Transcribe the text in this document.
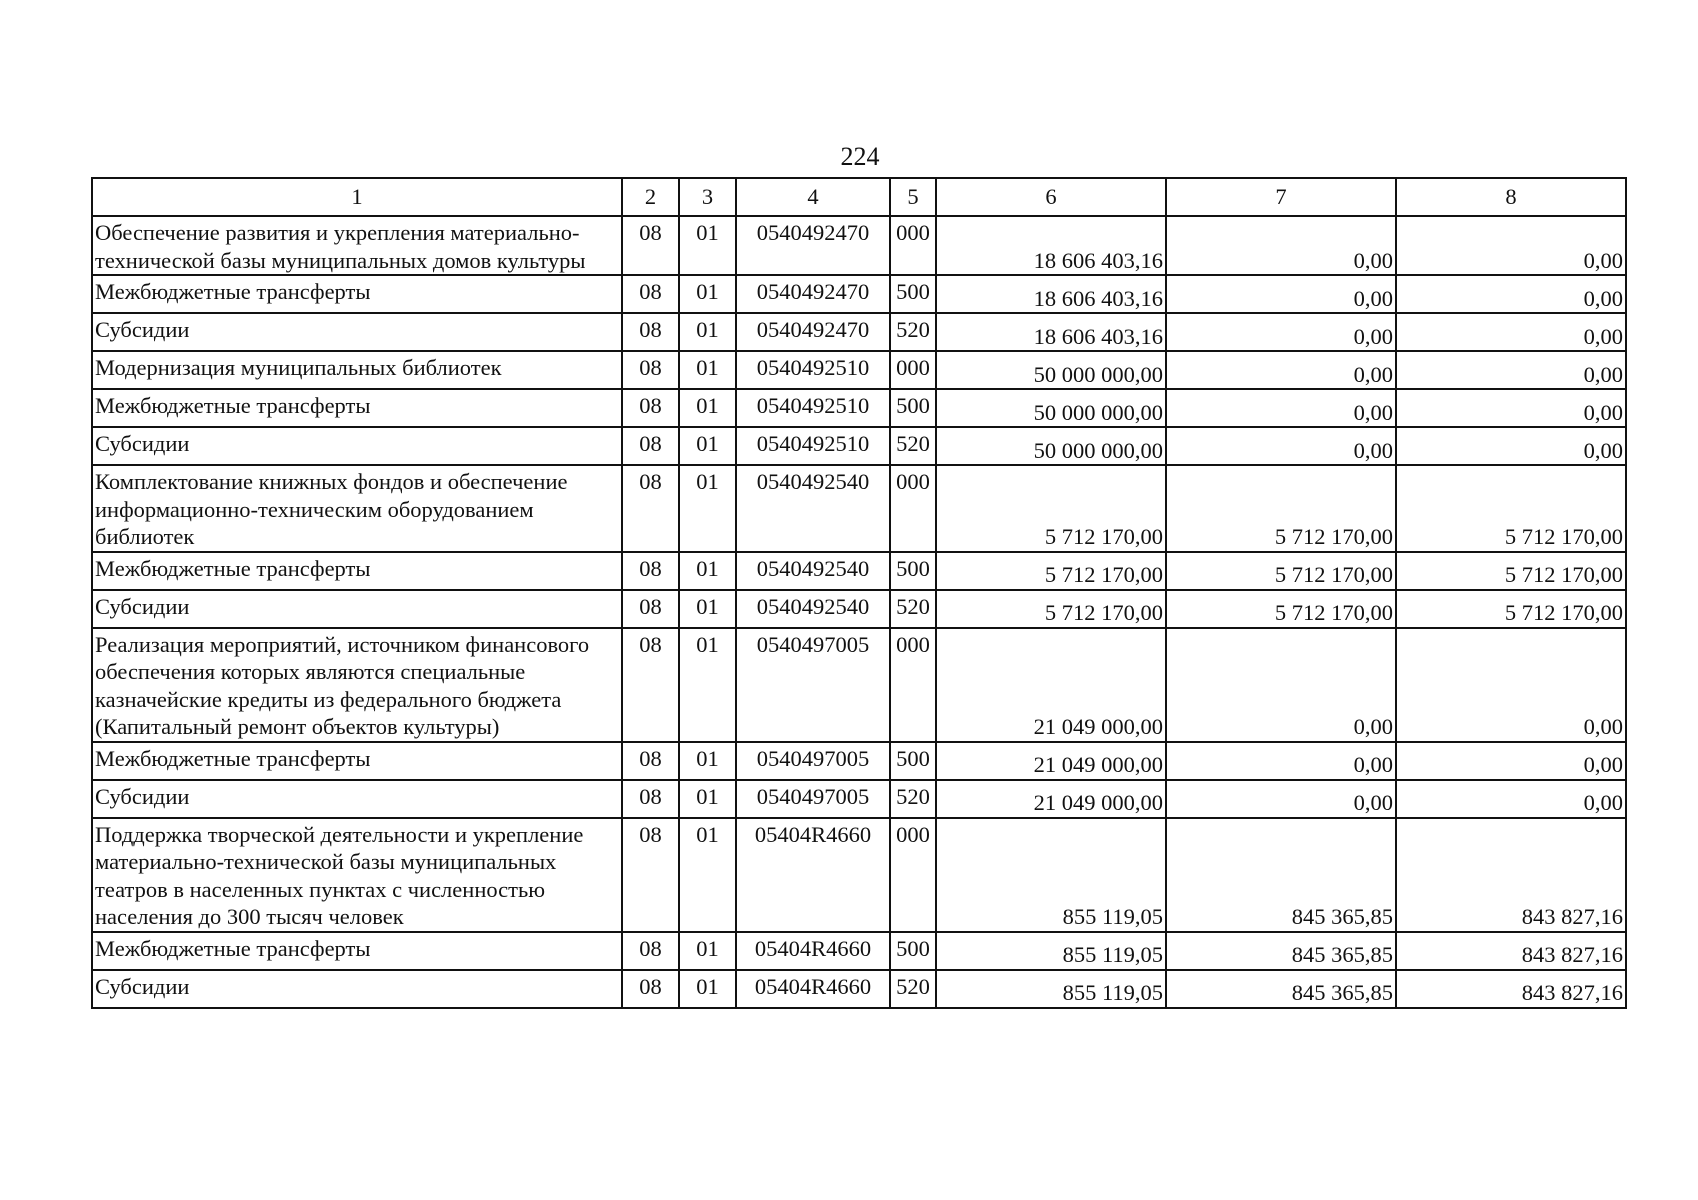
224
1	2	3	4	5	6	7	8
Обеспечение развития и укрепления материально-технической базы муниципальных домов культуры	08	01	0540492470	000	18 606 403,16	0,00	0,00
Межбюджетные трансферты	08	01	0540492470	500	18 606 403,16	0,00	0,00
Субсидии	08	01	0540492470	520	18 606 403,16	0,00	0,00
Модернизация муниципальных библиотек	08	01	0540492510	000	50 000 000,00	0,00	0,00
Межбюджетные трансферты	08	01	0540492510	500	50 000 000,00	0,00	0,00
Субсидии	08	01	0540492510	520	50 000 000,00	0,00	0,00
Комплектование книжных фондов и обеспечение информационно-техническим оборудованием библиотек	08	01	0540492540	000	5 712 170,00	5 712 170,00	5 712 170,00
Межбюджетные трансферты	08	01	0540492540	500	5 712 170,00	5 712 170,00	5 712 170,00
Субсидии	08	01	0540492540	520	5 712 170,00	5 712 170,00	5 712 170,00
Реализация мероприятий, источником финансового обеспечения которых являются специальные казначейские кредиты из федерального бюджета (Капитальный ремонт объектов культуры)	08	01	0540497005	000	21 049 000,00	0,00	0,00
Межбюджетные трансферты	08	01	0540497005	500	21 049 000,00	0,00	0,00
Субсидии	08	01	0540497005	520	21 049 000,00	0,00	0,00
Поддержка творческой деятельности и укрепление материально-технической базы муниципальных театров в населенных пунктах с численностью населения до 300 тысяч человек	08	01	05404R4660	000	855 119,05	845 365,85	843 827,16
Межбюджетные трансферты	08	01	05404R4660	500	855 119,05	845 365,85	843 827,16
Субсидии	08	01	05404R4660	520	855 119,05	845 365,85	843 827,16
